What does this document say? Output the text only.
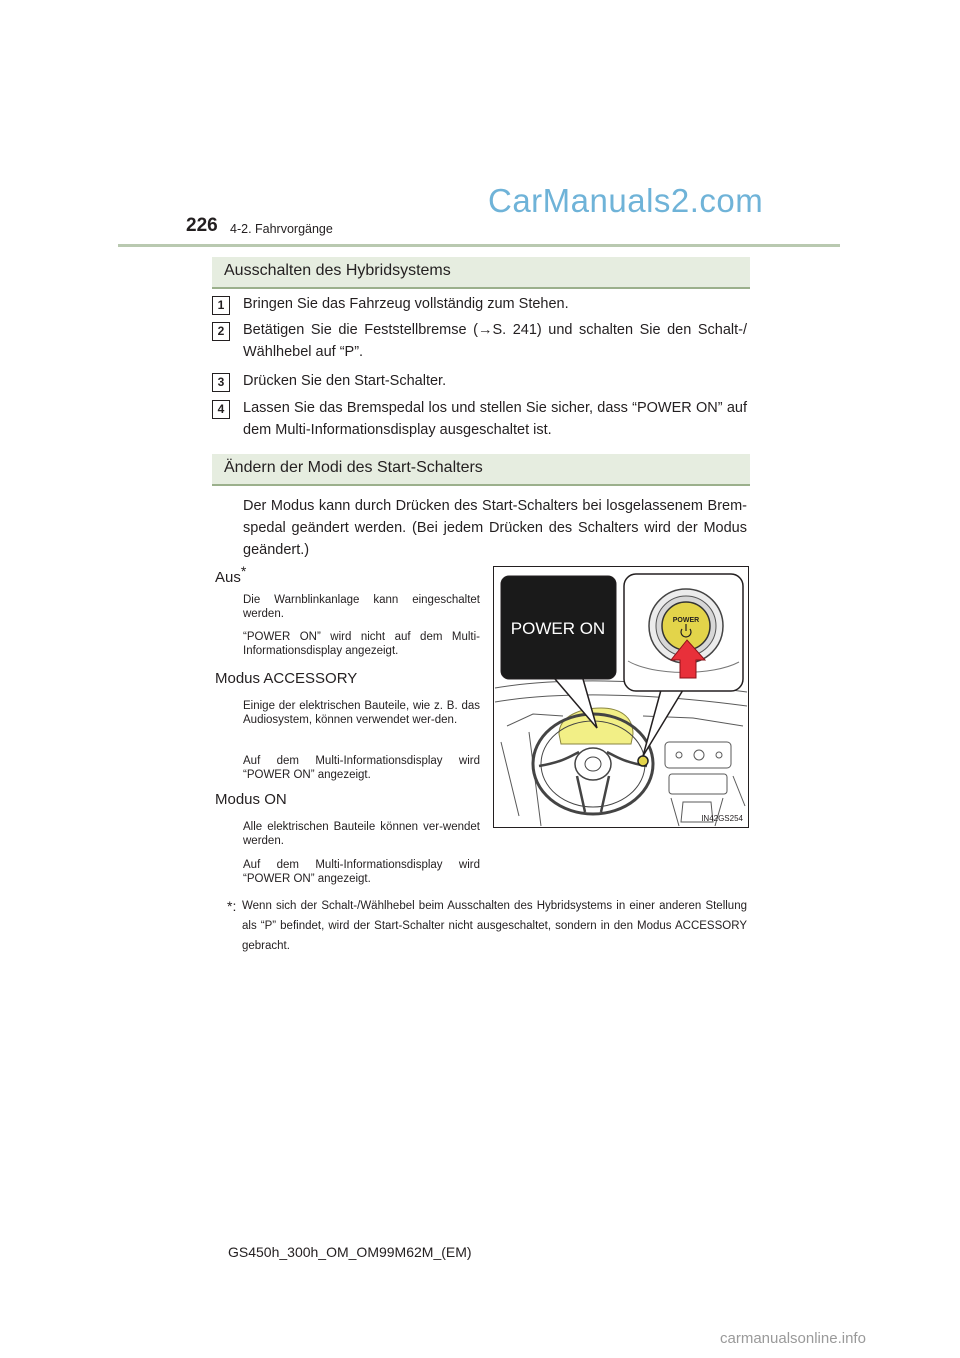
226 4-2. Fahrvorgänge
CarManuals2.com
Ausschalten des Hybridsystems
1	Bringen Sie das Fahrzeug vollständig zum Stehen.
2	Betätigen Sie die Feststellbremse (→S. 241) und schalten Sie den Schalt-/ Wählhebel auf “P”.
3	Drücken Sie den Start-Schalter.
4	Lassen Sie das Bremspedal los und stellen Sie sicher, dass “POWER ON” auf dem Multi-Informationsdisplay ausgeschaltet ist.
Ändern der Modi des Start-Schalters
Der Modus kann durch Drücken des Start-Schalters bei losgelassenem Brem-spedal geändert werden. (Bei jedem Drücken des Schalters wird der Modus geändert.)
Aus*
Die Warnblinkanlage kann eingeschaltet werden.
“POWER ON” wird nicht auf dem Multi-Informationsdisplay angezeigt.
Modus ACCESSORY
Einige der elektrischen Bauteile, wie z. B. das Audiosystem, können verwendet wer-den.
Auf dem Multi-Informationsdisplay wird “POWER ON” angezeigt.
Modus ON
Alle elektrischen Bauteile können ver-wendet werden.
Auf dem Multi-Informationsdisplay wird “POWER ON” angezeigt.
*: Wenn sich der Schalt-/Wählhebel beim Ausschalten des Hybridsystems in einer anderen Stellung als “P” befindet, wird der Start-Schalter nicht ausgeschaltet, sondern in den Modus ACCESSORY gebracht.
POWER ON	POWER
IN42GS254
GS450h_300h_OM_OM99M62M_(EM)
carmanualsonline.info
